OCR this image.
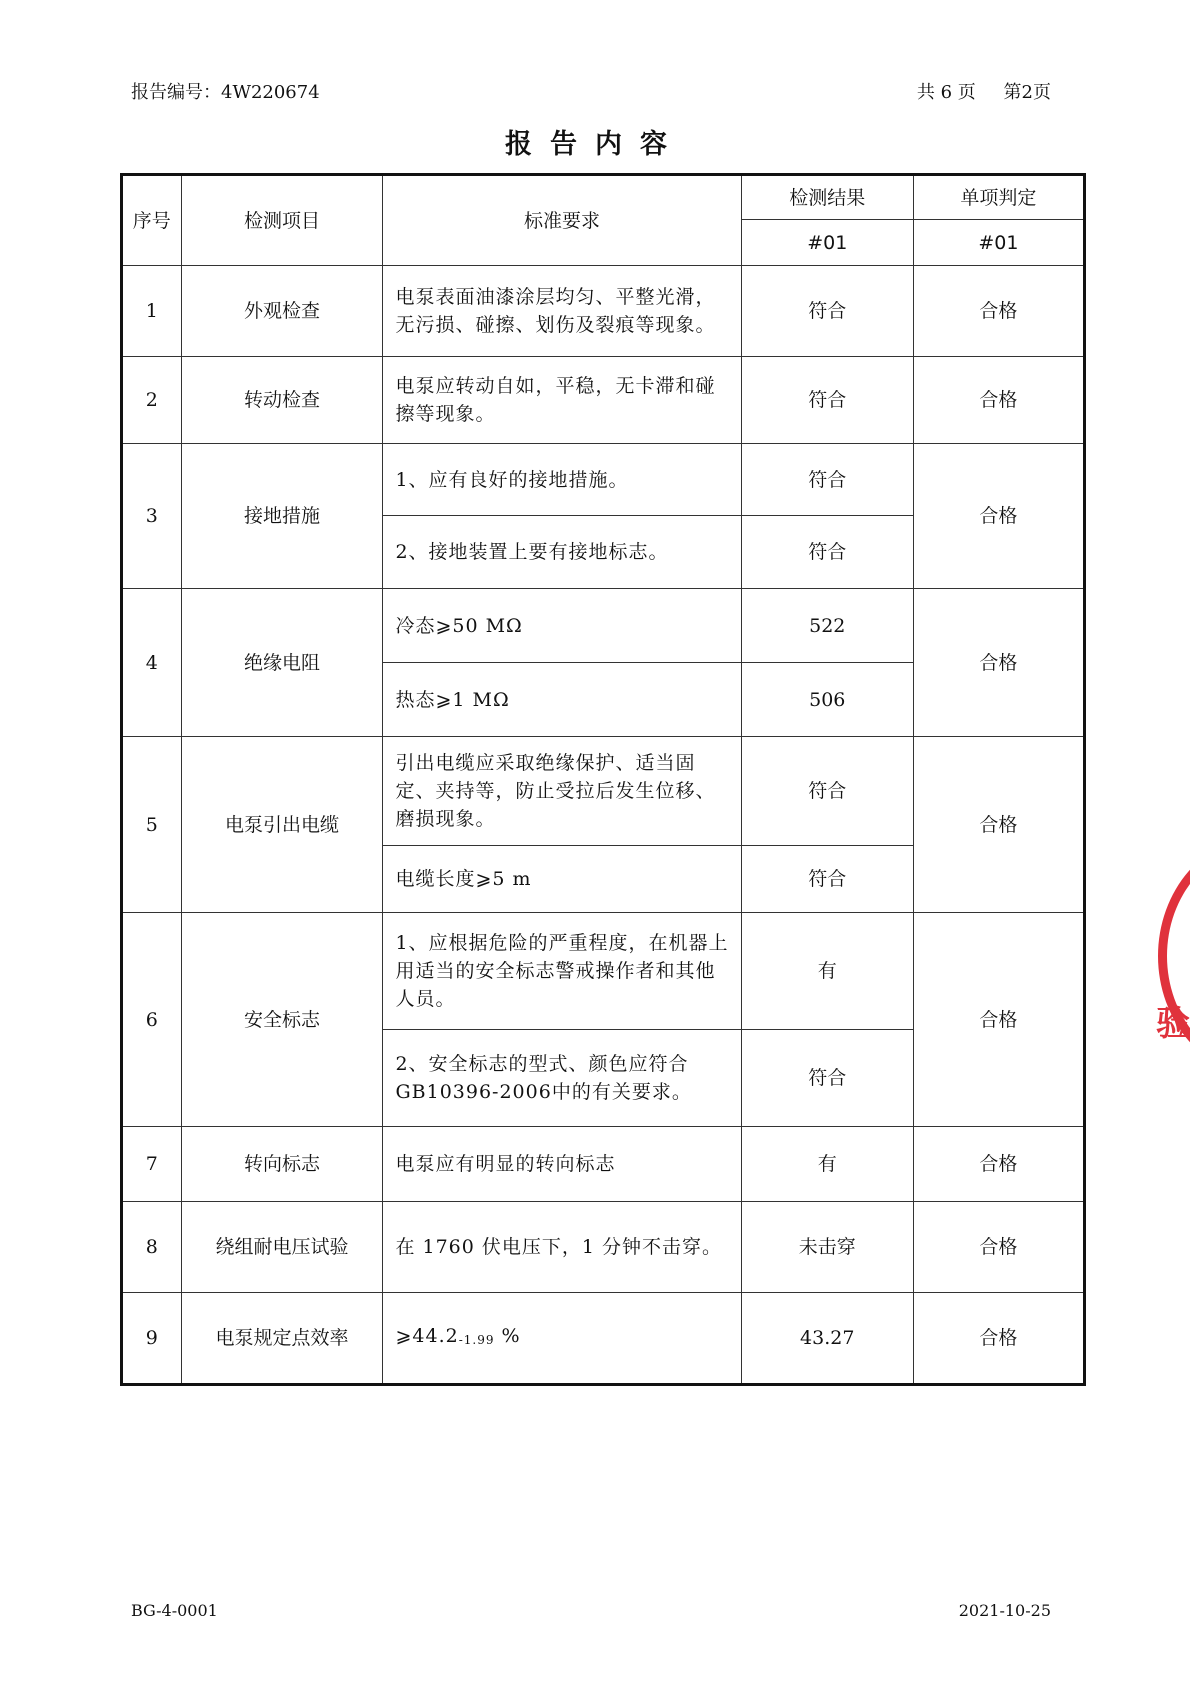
报告编号：4W220674	共 6 页 第2页
报告内容
序号	检测项目	标准要求	检测结果	单项判定
			#01	#01
1	外观检查	电泵表面油漆涂层均匀、平整光滑，无污损、碰擦、划伤及裂痕等现象。	符合	合格
2	转动检查	电泵应转动自如，平稳，无卡滞和碰擦等现象。	符合	合格
3	接地措施	1、应有良好的接地措施。	符合	合格
		2、接地装置上要有接地标志。	符合	
4	绝缘电阻	冷态⩾50 MΩ	522	合格
		热态⩾1 MΩ	506	
5	电泵引出电缆	引出电缆应采取绝缘保护、适当固定、夹持等，防止受拉后发生位移、磨损现象。	符合	合格
		电缆长度⩾5 m	符合	
6	安全标志	1、应根据危险的严重程度，在机器上用适当的安全标志警戒操作者和其他人员。	有	合格
		2、安全标志的型式、颜色应符合GB10396-2006中的有关要求。	符合	
7	转向标志	电泵应有明显的转向标志	有	合格
8	绕组耐电压试验	在 1760 伏电压下，1 分钟不击穿。	未击穿	合格
9	电泵规定点效率	⩾44.2-1.99 %	43.27	合格
验
BG-4-0001	2021-10-25
